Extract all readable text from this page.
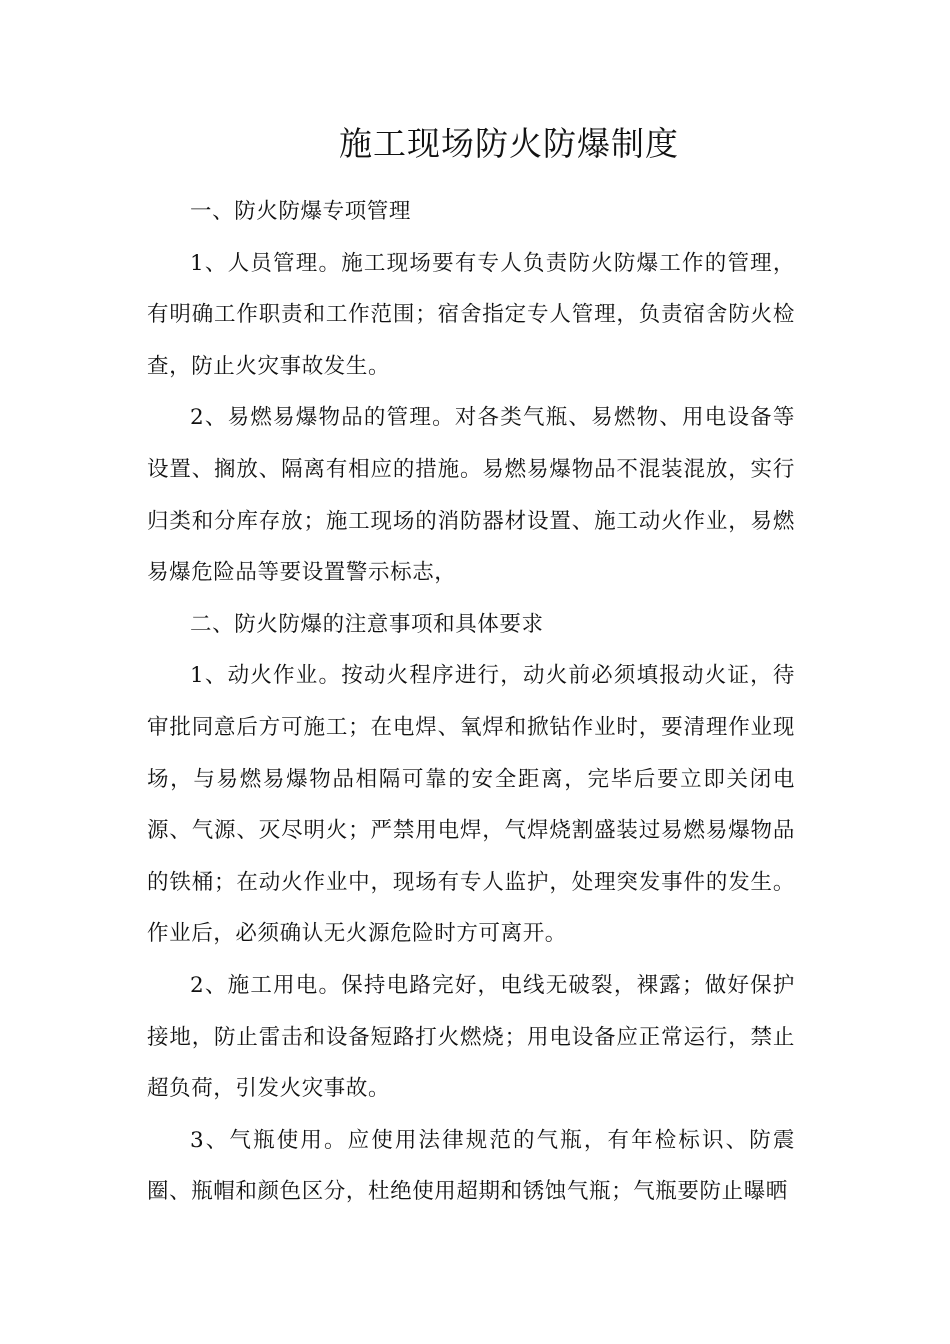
施工现场防火防爆制度

一、防火防爆专项管理

1、人员管理。施工现场要有专人负责防火防爆工作的管理，有明确工作职责和工作范围；宿舍指定专人管理，负责宿舍防火检查，防止火灾事故发生。

2、易燃易爆物品的管理。对各类气瓶、易燃物、用电设备等设置、搁放、隔离有相应的措施。易燃易爆物品不混装混放，实行归类和分库存放；施工现场的消防器材设置、施工动火作业，易燃易爆危险品等要设置警示标志，

二、防火防爆的注意事项和具体要求

1、动火作业。按动火程序进行，动火前必须填报动火证，待审批同意后方可施工；在电焊、氧焊和掀钻作业时，要清理作业现场，与易燃易爆物品相隔可靠的安全距离，完毕后要立即关闭电源、气源、灭尽明火；严禁用电焊，气焊烧割盛装过易燃易爆物品的铁桶；在动火作业中，现场有专人监护，处理突发事件的发生。作业后，必须确认无火源危险时方可离开。

2、施工用电。保持电路完好，电线无破裂，裸露；做好保护接地，防止雷击和设备短路打火燃烧；用电设备应正常运行，禁止超负荷，引发火灾事故。

3、气瓶使用。应使用法律规范的气瓶，有年检标识、防震圈、瓶帽和颜色区分，杜绝使用超期和锈蚀气瓶；气瓶要防止曝晒
